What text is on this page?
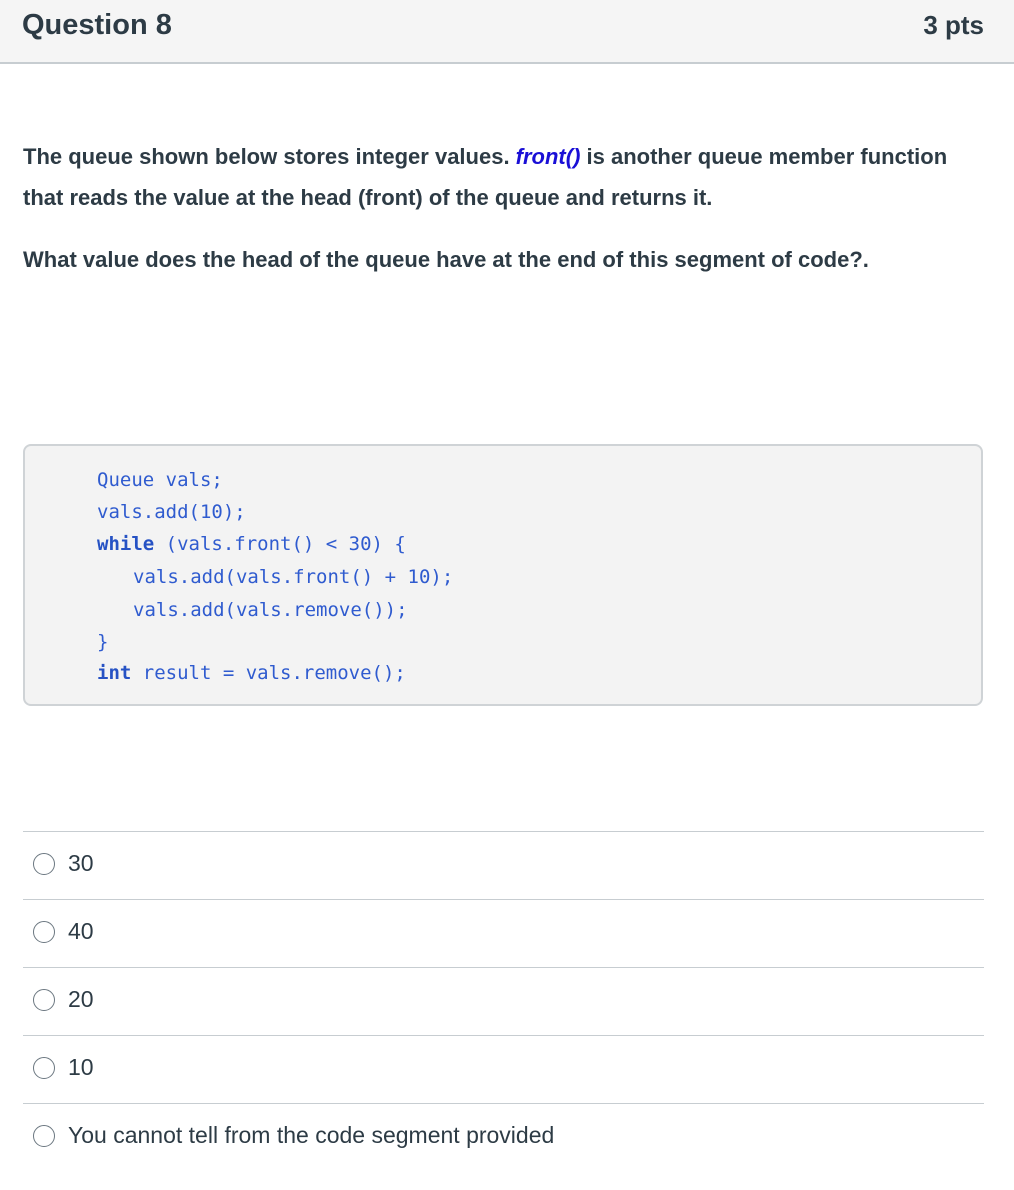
Question 8	3 pts

The queue shown below stores integer values. front() is another queue member function that reads the value at the head (front) of the queue and returns it.

What value does the head of the queue have at the end of this segment of code?.

Queue vals;
vals.add(10);
while (vals.front() < 30) {
vals.add(vals.front() + 10);
vals.add(vals.remove());
}
int result = vals.remove();
30
40
20
10
You cannot tell from the code segment provided
